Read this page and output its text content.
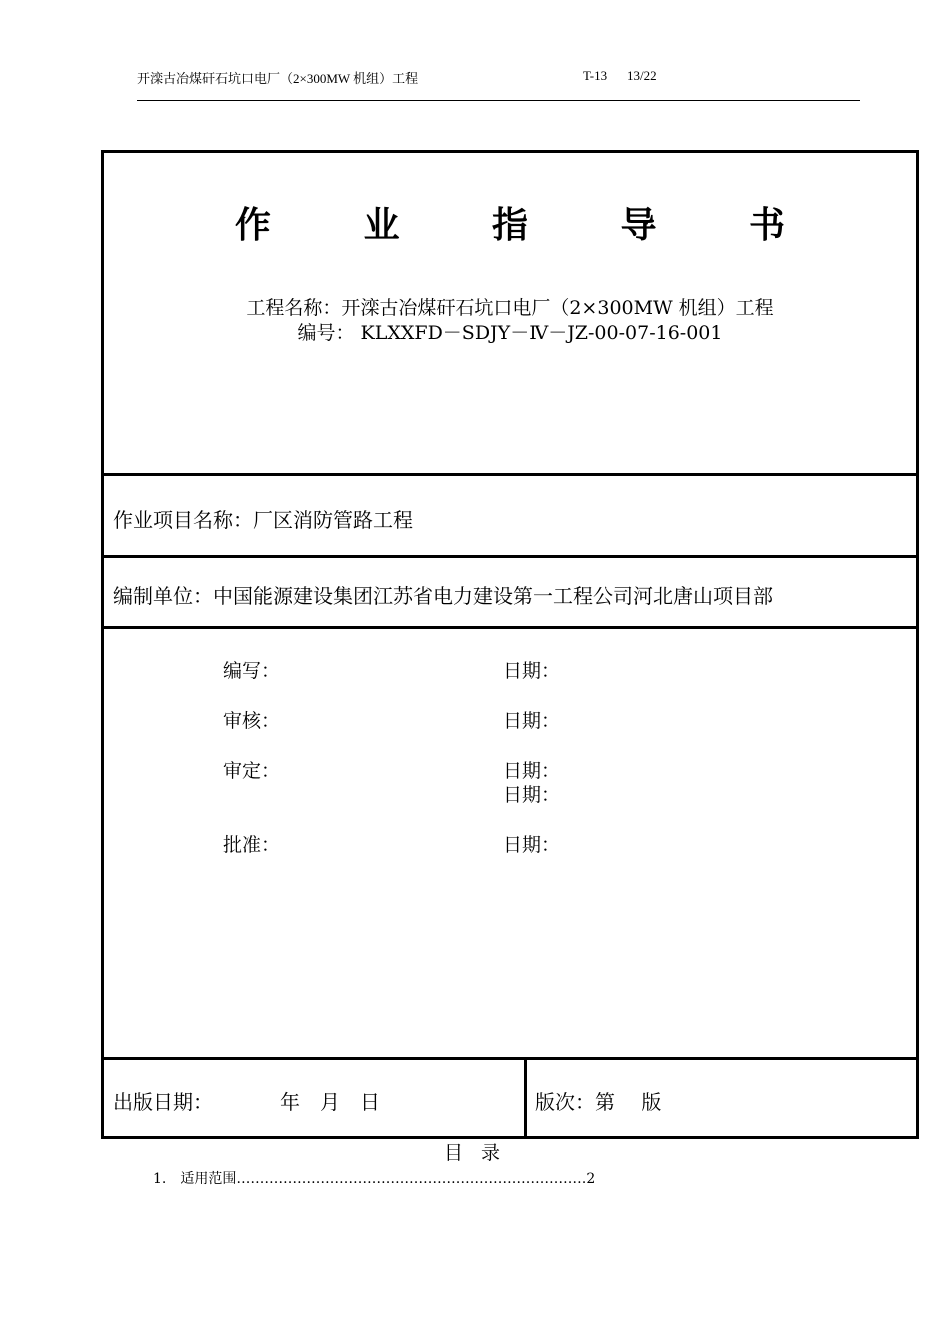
开滦古冶煤矸石坑口电厂（2×300MW 机组）工程	T-13 13/22
作 业 指 导 书
工程名称：开滦古冶煤矸石坑口电厂（2×300MW 机组）工程
编号： KLXXFD－SDJY－Ⅳ－JZ-00-07-16-001
作业项目名称：厂区消防管路工程
编制单位：中国能源建设集团江苏省电力建设第一工程公司河北唐山项目部
编写：	日期：
审核：	日期：
审定：	日期：
日期：
批准：	日期：
出版日期：	年　月　日	版次：第　 版
目 录
1.　适用范围…………………………………………………………………2
